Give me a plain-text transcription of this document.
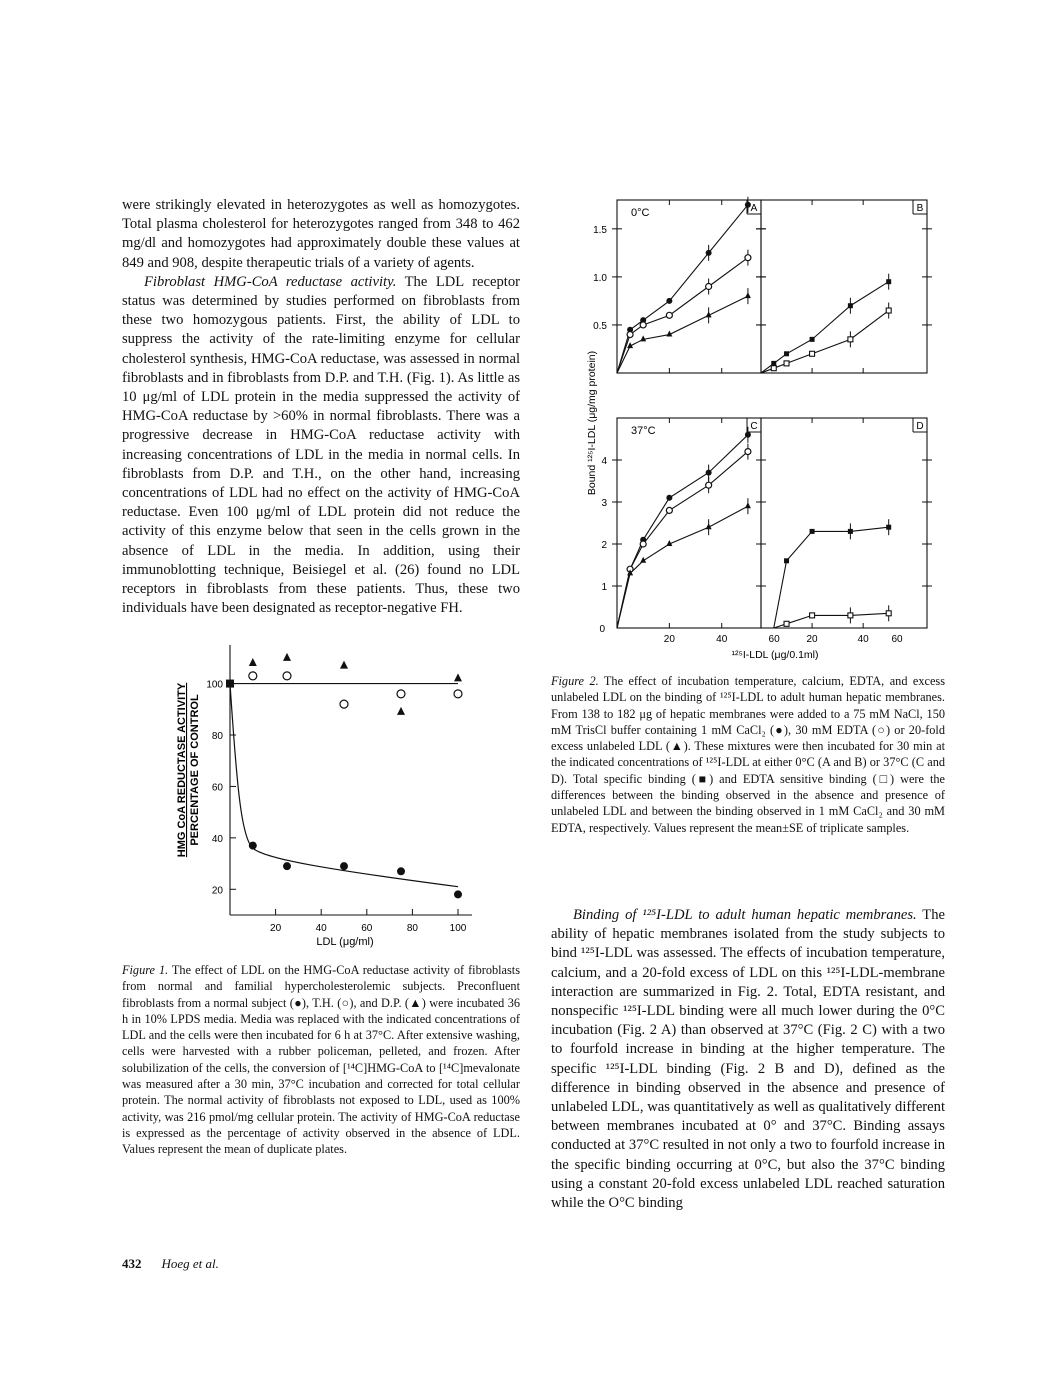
were strikingly elevated in heterozygotes as well as homozygotes. Total plasma cholesterol for heterozygotes ranged from 348 to 462 mg/dl and homozygotes had approximately double these values at 849 and 908, despite therapeutic trials of a variety of agents.

Fibroblast HMG-CoA reductase activity. The LDL receptor status was determined by studies performed on fibroblasts from these two homozygous patients. First, the ability of LDL to suppress the activity of the rate-limiting enzyme for cellular cholesterol synthesis, HMG-CoA reductase, was assessed in normal fibroblasts and in fibroblasts from D.P. and T.H. (Fig. 1). As little as 10 μg/ml of LDL protein in the media suppressed the activity of HMG-CoA reductase by >60% in normal fibroblasts. There was a progressive decrease in HMG-CoA reductase activity with increasing concentrations of LDL in the media in normal cells. In fibroblasts from D.P. and T.H., on the other hand, increasing concentrations of LDL had no effect on the activity of HMG-CoA reductase. Even 100 μg/ml of LDL protein did not reduce the activity of this enzyme below that seen in the cells grown in the absence of LDL in the media. In addition, using their immunoblotting technique, Beisiegel et al. (26) found no LDL receptors in fibroblasts from these patients. Thus, these two individuals have been designated as receptor-negative FH.

20
40
60
80
100
20	40	60	80	100
HMG CoA REDUCTASE ACTIVITY PERCENTAGE OF CONTROL
LDL (μg/ml)

Figure 1. The effect of LDL on the HMG-CoA reductase activity of fibroblasts from normal and familial hypercholesterolemic subjects. Preconfluent fibroblasts from a normal subject (●), T.H. (○), and D.P. (▲) were incubated 36 h in 10% LPDS media. Media was replaced with the indicated concentrations of LDL and the cells were then incubated for 6 h at 37°C. After extensive washing, cells were harvested with a rubber policeman, pelleted, and frozen. After solubilization of the cells, the conversion of [¹⁴C]HMG-CoA to [¹⁴C]mevalonate was measured after a 30 min, 37°C incubation and corrected for total cellular protein. The normal activity of fibroblasts not exposed to LDL, used as 100% activity, was 216 pmol/mg cellular protein. The activity of HMG-CoA reductase is expressed as the percentage of activity observed in the absence of LDL. Values represent the mean of duplicate plates.

0.5
1.0
1.5
A
0°C	B
1
2
3
4
C
37°C	D
0
20	40	60	20	40 60
Bound ¹²⁵I-LDL (μg/mg protein)
¹²⁵I-LDL (μg/0.1ml)

Figure 2. The effect of incubation temperature, calcium, EDTA, and excess unlabeled LDL on the binding of ¹²⁵I-LDL to adult human hepatic membranes. From 138 to 182 μg of hepatic membranes were added to a 75 mM NaCl, 150 mM TrisCl buffer containing 1 mM CaCl₂ (●), 30 mM EDTA (○) or 20-fold excess unlabeled LDL (▲). These mixtures were then incubated for 30 min at the indicated concentrations of ¹²⁵I-LDL at either 0°C (A and B) or 37°C (C and D). Total specific binding (■) and EDTA sensitive binding (□) were the differences between the binding observed in the absence and presence of unlabeled LDL and between the binding observed in 1 mM CaCl₂ and 30 mM EDTA, respectively. Values represent the mean±SE of triplicate samples.

Binding of ¹²⁵I-LDL to adult human hepatic membranes. The ability of hepatic membranes isolated from the study subjects to bind ¹²⁵I-LDL was assessed. The effects of incubation temperature, calcium, and a 20-fold excess of LDL on this ¹²⁵I-LDL-membrane interaction are summarized in Fig. 2. Total, EDTA resistant, and nonspecific ¹²⁵I-LDL binding were all much lower during the 0°C incubation (Fig. 2 A) than observed at 37°C (Fig. 2 C) with a two to fourfold increase in binding at the higher temperature. The specific ¹²⁵I-LDL binding (Fig. 2 B and D), defined as the difference in binding observed in the absence and presence of unlabeled LDL, was quantitatively as well as qualitatively different between membranes incubated at 0° and 37°C. Binding assays conducted at 37°C resulted in not only a two to fourfold increase in the specific binding occurring at 0°C, but also the 37°C binding using a constant 20-fold excess unlabeled LDL reached saturation while the O°C binding

432 Hoeg et al.
